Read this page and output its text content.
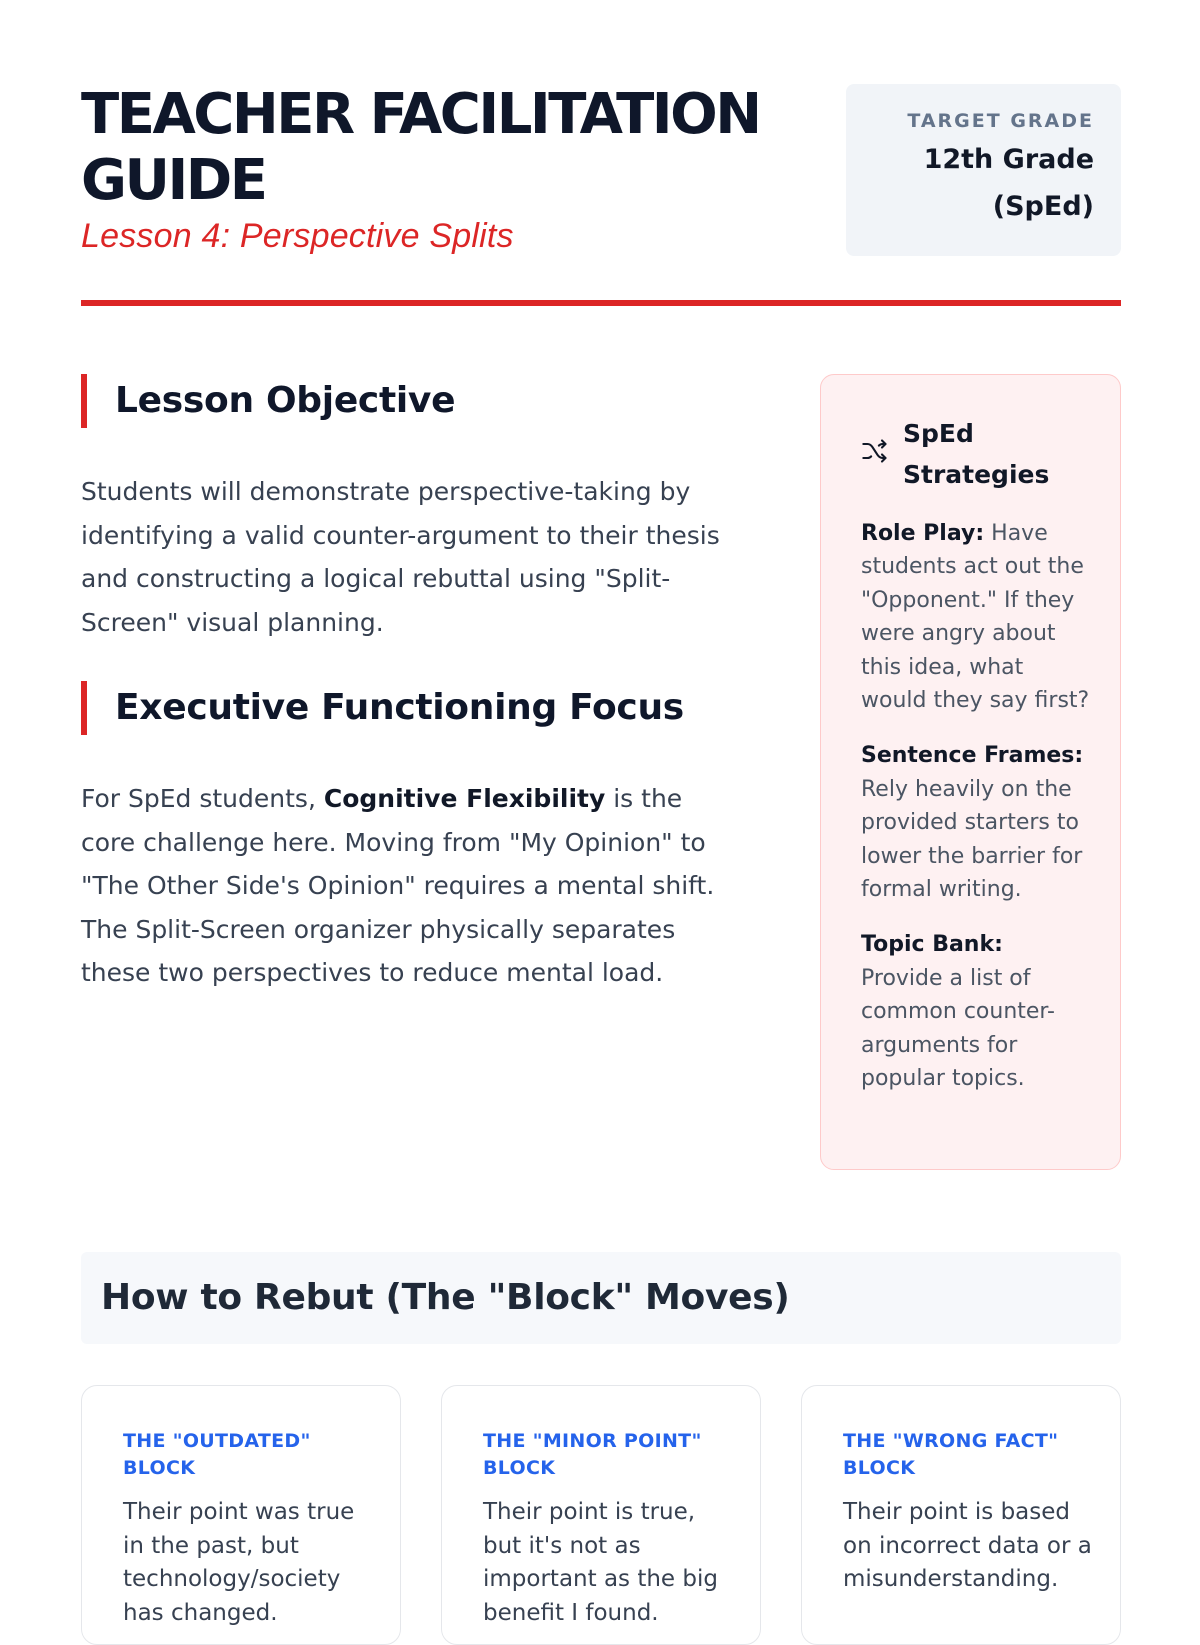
TEACHER FACILITATION GUIDE
Lesson 4: Perspective Splits
TARGET GRADE
12th Grade
(SpEd)
Lesson Objective

Students will demonstrate perspective-taking by identifying a valid counter-argument to their thesis and constructing a logical rebuttal using "Split-Screen" visual planning.

Executive Functioning Focus

For SpEd students, Cognitive Flexibility is the core challenge here. Moving from "My Opinion" to "The Other Side's Opinion" requires a mental shift. The Split-Screen organizer physically separates these two perspectives to reduce mental load.

SpEd Strategies

Role Play: Have students act out the "Opponent." If they were angry about this idea, what would they say first?

Sentence Frames: Rely heavily on the provided starters to lower the barrier for formal writing.

Topic Bank: Provide a list of common counter-arguments for popular topics.

How to Rebut (The "Block" Moves)
THE "OUTDATED" BLOCK

Their point was true in the past, but technology/society has changed.

THE "MINOR POINT" BLOCK

Their point is true, but it's not as important as the big benefit I found.

THE "WRONG FACT" BLOCK

Their point is based on incorrect data or a misunderstanding.
